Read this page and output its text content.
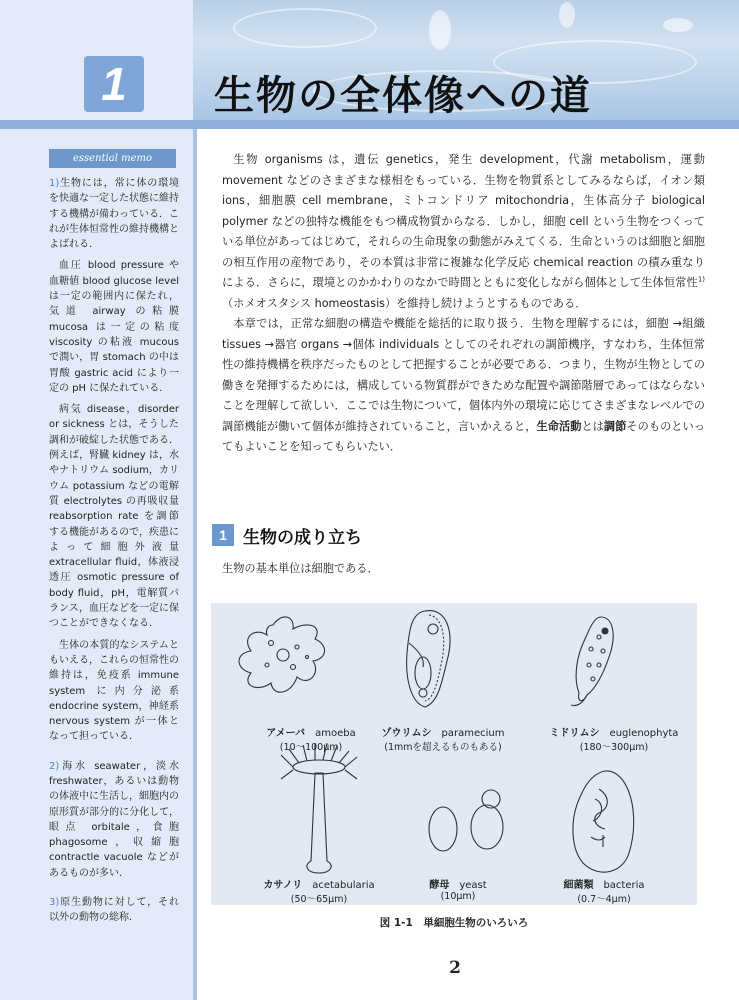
1	生物の全体像への道
essential memo

1)生物には，常に体の環境を快適な一定した状態に維持する機構が備わっている．これが生体恒常性の維持機構とよばれる．

血圧 blood pressure や血糖値 blood glucose level は一定の範囲内に保たれ，気道 airway の粘膜 mucosa は一定の粘度 viscosity の粘液 mucous で潤い，胃 stomach の中は胃酸 gastric acid により一定の pH に保たれている．

病気 disease，disorder or sickness とは，そうした調和が破綻した状態である．例えば，腎臓 kidney は，水やナトリウム sodium，カリウム potassium などの電解質 electrolytes の再吸収量 reabsorption rate を調節する機能があるので，疾患によって細胞外液量 extracellular fluid，体液浸透圧 osmotic pressure of body fluid，pH，電解質バランス，血圧などを一定に保つことができなくなる．

生体の本質的なシステムともいえる，これらの恒常性の維持は，免疫系 immune system に内分泌系 endocrine system，神経系 nervous system が一体となって担っている．

2)海水 seawater，淡水 freshwater，あるいは動物の体液中に生活し，細胞内の原形質が部分的に分化して，眼点 orbitale，食胞 phagosome，収縮胞 contractle vacuole などがあるものが多い．

3)原生動物に対して，それ以外の動物の総称．

生物 organisms は，遺伝 genetics，発生 development，代謝 metabolism，運動 movement などのさまざまな様相をもっている．生物を物質系としてみるならば，イオン類 ions，細胞膜 cell membrane，ミトコンドリア mitochondria，生体高分子 biological polymer などの独特な機能をもつ構成物質からなる．しかし，細胞 cell という生物をつくっている単位があってはじめて，それらの生命現象の動態がみえてくる．生命というのは細胞と細胞の相互作用の産物であり，その本質は非常に複雑な化学反応 chemical reaction の積み重なりによる．さらに，環境とのかかわりのなかで時間とともに変化しながら個体として生体恒常性$^{1)}$（ホメオスタシス homeostasis）を維持し続けようとするものである．

本章では，正常な細胞の構造や機能を総括的に取り扱う．生物を理解するには，細胞 →組織 tissues →器官 organs →個体 individuals としてのそれぞれの調節機序，すなわち，生体恒常性の維持機構を秩序だったものとして把握することが必要である．つまり，生物が生物としての働きを発揮するためには，構成している物質群ができためな配置や調節階層であってはならないことを理解して欲しい．ここでは生物について，個体内外の環境に応じてさまざまなレベルでの調節機能が働いて個体が維持されていること，言いかえると，生命活動とは調節そのものといってもよいことを知ってもらいたい．

1 生物の成り立ち
生物の基本単位は細胞である．
アメーバ　 amoeba
(10〜100μm)
ゾウリムシ　 paramecium
(1mmを超えるものもある)
ミドリムシ　 euglenophyta
(180〜300μm)
カサノリ　 acetabularia
(50〜65μm)
酵母　 yeast
(10μm)
細菌類　 bacteria
(0.7〜4μm)
図 1-1　単細胞生物のいろいろ
2
